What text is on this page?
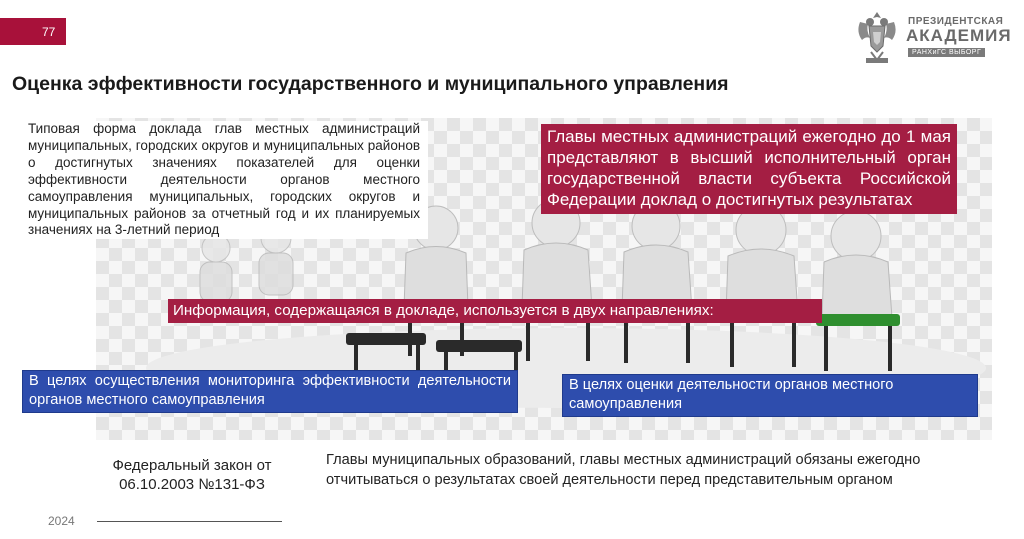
77
ПРЕЗИДЕНТСКАЯ
АКАДЕМИЯ
РАНХиГС ВЫБОРГ
Оценка эффективности государственного и муниципального управления
Типовая форма доклада глав местных администраций муниципальных, городских округов и муниципальных районов о достигнутых значениях показателей для оценки эффективности деятельности органов местного самоуправления муниципальных, городских округов и муниципальных районов за отчетный год и их планируемых значениях на 3-летний период
Главы местных администраций ежегодно до 1 мая представляют в высший исполнительный орган государственной власти субъекта Российской Федерации доклад о достигнутых результатах
Информация, содержащаяся в докладе, используется в двух направлениях:
В целях осуществления мониторинга эффективности деятельности органов местного самоуправления
В целях оценки деятельности органов местного самоуправления
Федеральный закон от
06.10.2003 №131-ФЗ
Главы муниципальных образований, главы местных администраций обязаны ежегодно отчитываться о результатах своей деятельности перед представительным органом
2024
